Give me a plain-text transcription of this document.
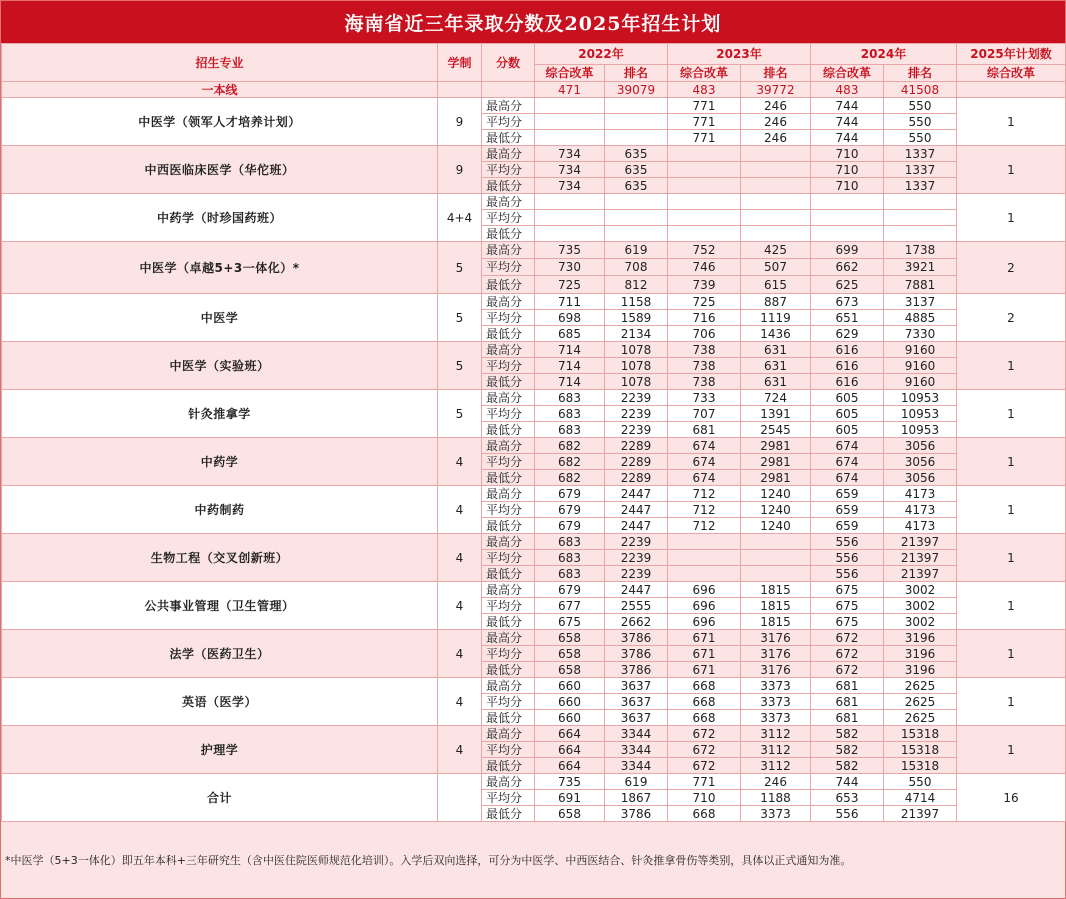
海南省近三年录取分数及2025年招生计划
招生专业	学制	分数	2022年		2023年		2024年		2025年计划数
			综合改革	排名	综合改革	排名	综合改革	排名	综合改革
一本线			471	39079	483	39772	483	41508	
中医学（领军人才培养计划）	9	最高分			771	246	744	550	1
		平均分			771	246	744	550	
		最低分			771	246	744	550	
中西医临床医学（华佗班）	9	最高分	734	635			710	1337	1
		平均分	734	635			710	1337	
		最低分	734	635			710	1337	
中药学（时珍国药班）	4+4	最高分							1
		平均分							
		最低分							
中医学（卓越5+3一体化）*	5	最高分	735	619	752	425	699	1738	2
		平均分	730	708	746	507	662	3921	
		最低分	725	812	739	615	625	7881	
中医学	5	最高分	711	1158	725	887	673	3137	2
		平均分	698	1589	716	1119	651	4885	
		最低分	685	2134	706	1436	629	7330	
中医学（实验班）	5	最高分	714	1078	738	631	616	9160	1
		平均分	714	1078	738	631	616	9160	
		最低分	714	1078	738	631	616	9160	
针灸推拿学	5	最高分	683	2239	733	724	605	10953	1
		平均分	683	2239	707	1391	605	10953	
		最低分	683	2239	681	2545	605	10953	
中药学	4	最高分	682	2289	674	2981	674	3056	1
		平均分	682	2289	674	2981	674	3056	
		最低分	682	2289	674	2981	674	3056	
中药制药	4	最高分	679	2447	712	1240	659	4173	1
		平均分	679	2447	712	1240	659	4173	
		最低分	679	2447	712	1240	659	4173	
生物工程（交叉创新班）	4	最高分	683	2239			556	21397	1
		平均分	683	2239			556	21397	
		最低分	683	2239			556	21397	
公共事业管理（卫生管理）	4	最高分	679	2447	696	1815	675	3002	1
		平均分	677	2555	696	1815	675	3002	
		最低分	675	2662	696	1815	675	3002	
法学（医药卫生）	4	最高分	658	3786	671	3176	672	3196	1
		平均分	658	3786	671	3176	672	3196	
		最低分	658	3786	671	3176	672	3196	
英语（医学）	4	最高分	660	3637	668	3373	681	2625	1
		平均分	660	3637	668	3373	681	2625	
		最低分	660	3637	668	3373	681	2625	
护理学	4	最高分	664	3344	672	3112	582	15318	1
		平均分	664	3344	672	3112	582	15318	
		最低分	664	3344	672	3112	582	15318	
合计		最高分	735	619	771	246	744	550	16
		平均分	691	1867	710	1188	653	4714	
		最低分	658	3786	668	3373	556	21397	
*中医学（5+3一体化）即五年本科+三年研究生（含中医住院医师规范化培训）。入学后双向选择，可分为中医学、中西医结合、针灸推拿骨伤等类别，具体以正式通知为准。
